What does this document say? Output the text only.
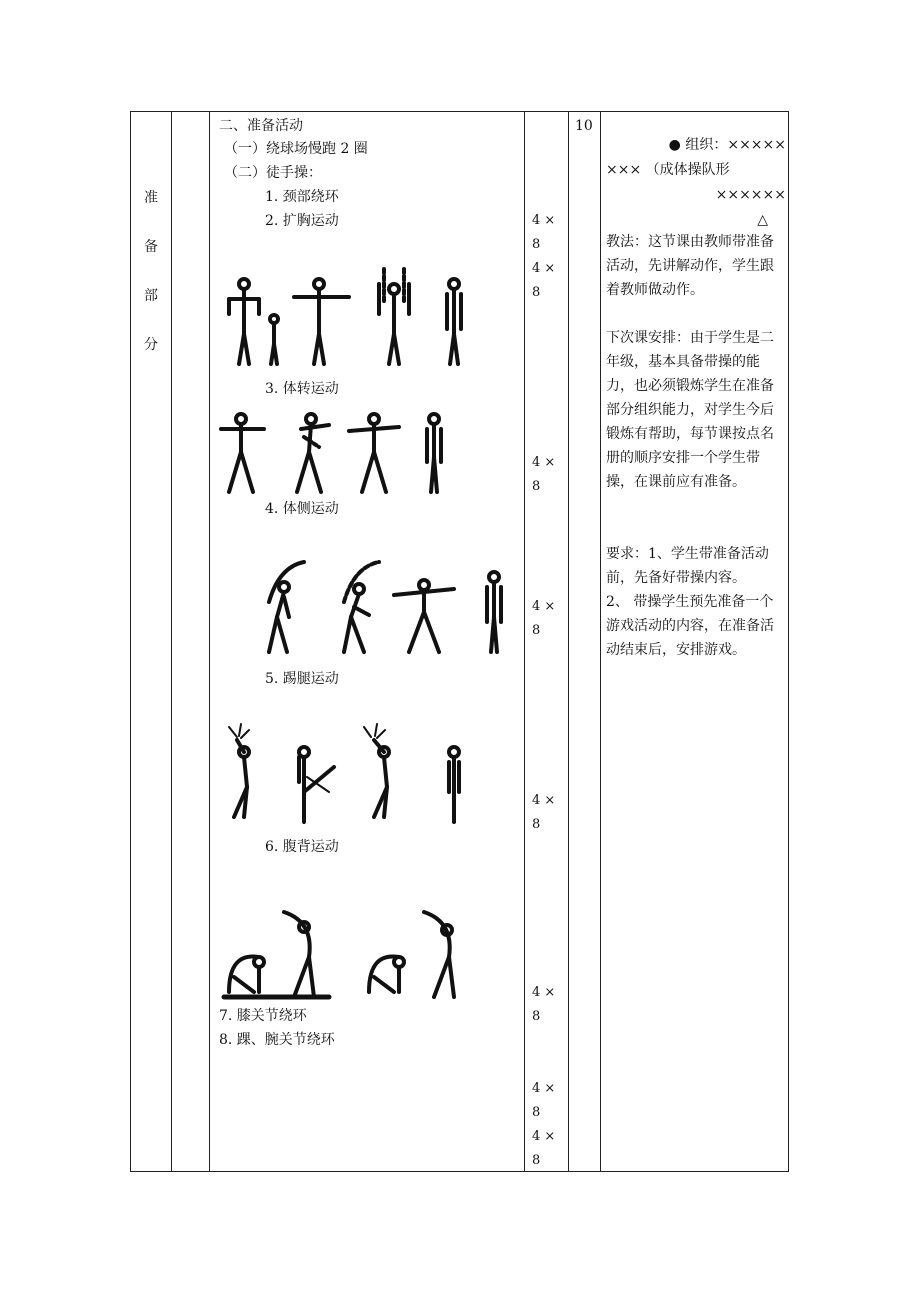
准
备
部
分
二、准备活动
（一）绕球场慢跑 2 圈
（二）徒手操：
1. 颈部绕环
2. 扩胸运动
3. 体转运动
4. 体侧运动
5. 踢腿运动
6. 腹背运动
7. 膝关节绕环
8. 踝、腕关节绕环
4 ×
8
4 ×
8
4 ×
8
4 ×
8
4 ×
8
4 ×
8
4 ×
8
4 ×
8
10
● 组织：×××××
××× （成体操队形
××××××
△
教法：这节课由教师带准备活动，先讲解动作，学生跟着教师做动作。
下次课安排：由于学生是二年级，基本具备带操的能力，也必须锻炼学生在准备部分组织能力，对学生今后锻炼有帮助，每节课按点名册的顺序安排一个学生带操，在课前应有准备。
要求：1、学生带准备活动前，先备好带操内容。
2、 带操学生预先准备一个游戏活动的内容，在准备活动结束后，安排游戏。
